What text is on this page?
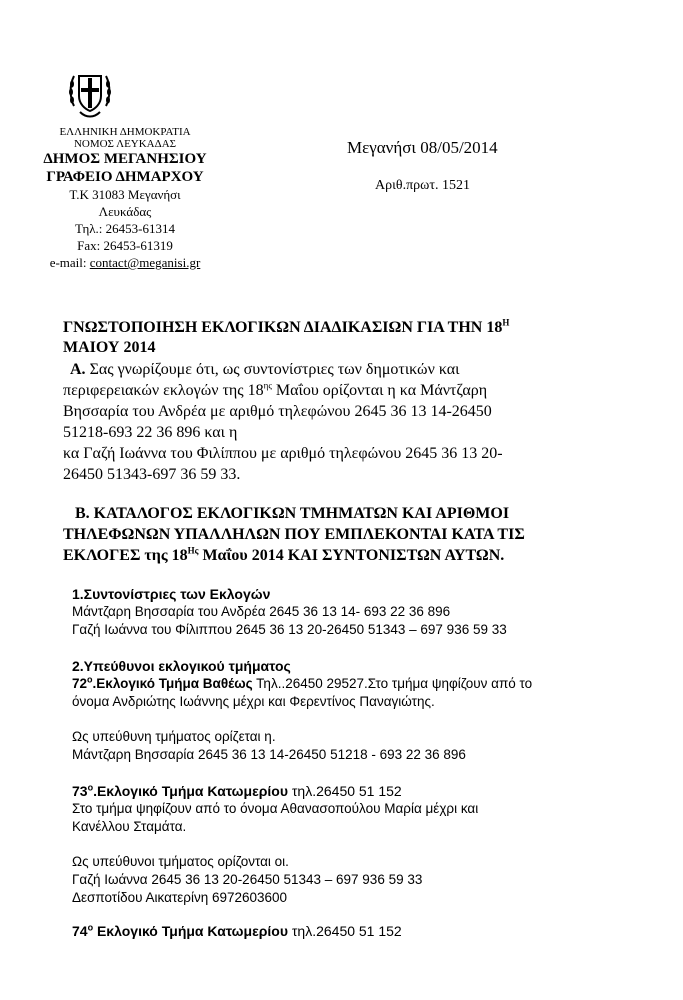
ΕΛΛΗΝΙΚΗ ΔΗΜΟΚΡΑΤΙΑ
ΝΟΜΟΣ ΛΕΥΚΑΔΑΣ
ΔΗΜΟΣ ΜΕΓΑΝΗΣΙΟΥ
ΓΡΑΦΕΙΟ ΔΗΜΑΡΧΟΥ
Τ.Κ 31083 Μεγανήσι
Λευκάδας
Τηλ.: 26453-61314
Fax: 26453-61319
e-mail: contact@meganisi.gr
Μεγανήσι 08/05/2014
Αριθ.πρωτ. 1521
ΓΝΩΣΤΟΠΟΙΗΣΗ ΕΚΛΟΓΙΚΩΝ ΔΙΑΔΙΚΑΣΙΩΝ ΓΙΑ ΤΗΝ $18^H$
ΜΑΙΟΥ 2014
Α. Σας γνωρίζουμε ότι, ως συντονίστριες των δημοτικών και
περιφερειακών εκλογών της $18^{\eta\varsigma}$ Μαΐου ορίζονται η κα Μάντζαρη
Βησσαρία του Ανδρέα με αριθμό τηλεφώνου 2645 36 13 14-26450
51218-693 22 36 896 και η
κα Γαζή Ιωάννα του Φιλίππου με αριθμό τηλεφώνου 2645 36 13 20-
26450 51343-697 36 59 33.
Β. ΚΑΤΑΛΟΓΟΣ ΕΚΛΟΓΙΚΩΝ ΤΜΗΜΑΤΩΝ ΚΑΙ ΑΡΙΘΜΟΙ
ΤΗΛΕΦΩΝΩΝ ΥΠΑΛΛΗΛΩΝ ΠΟΥ ΕΜΠΛΕΚΟΝΤΑΙ ΚΑΤΑ ΤΙΣ
ΕΚΛΟΓΕΣ της $18^{H\varsigma}$ Μαΐου 2014 ΚΑΙ ΣΥΝΤΟΝΙΣΤΩΝ ΑΥΤΩΝ.
1.Συντονίστριες των Εκλογών
Μάντζαρη Βησσαρία του Ανδρέα 2645 36 13 14- 693 22 36 896
Γαζή Ιωάννα του Φίλιππου 2645 36 13 20-26450 51343 – 697 936 59 33
2.Υπεύθυνοι εκλογικού τμήματος
$72^o.E\kappa\lambda o\gamma\iota\kappa ό$ Τμήμα Βαθέως Τηλ..26450 29527.Στο τμήμα ψηφίζουν από το
όνομα Ανδριώτης Ιωάννης μέχρι και Φερεντίνος Παναγιώτης.
Ως υπεύθυνη τμήματος ορίζεται η.
Μάντζαρη Βησσαρία 2645 36 13 14-26450 51218 - 693 22 36 896
$73^o.E\kappa\lambda o\gamma\iota\kappa ό$ Τμήμα Κατωμερίου τηλ.26450 51 152
Στο τμήμα ψηφίζουν από το όνομα Αθανασοπούλου Μαρία μέχρι και
Κανέλλου Σταμάτα.
Ως υπεύθυνοι τμήματος ορίζονται οι.
Γαζή Ιωάννα 2645 36 13 20-26450 51343 – 697 936 59 33
Δεσποτίδου Αικατερίνη 6972603600
$74^o$ Εκλογικό Τμήμα Κατωμερίου τηλ.26450 51 152
